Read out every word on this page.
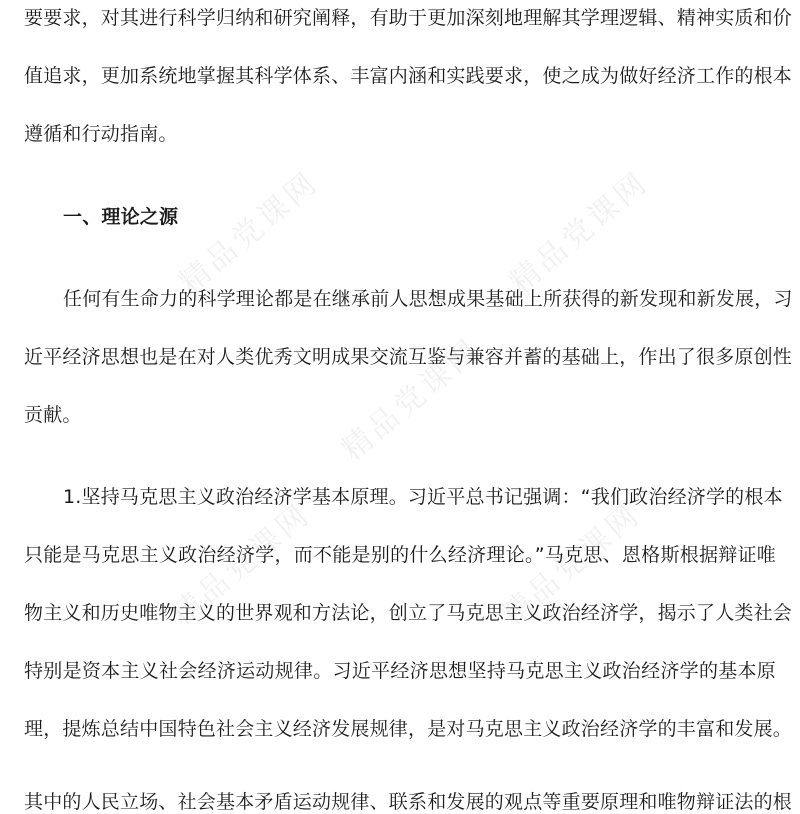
精品党课网	精品党课网
精品党课网
精品党课网	精品党课网
要要求，对其进行科学归纳和研究阐释，有助于更加深刻地理解其学理逻辑、精神实质和价
值追求，更加系统地掌握其科学体系、丰富内涵和实践要求，使之成为做好经济工作的根本
遵循和行动指南。
一、理论之源
任何有生命力的科学理论都是在继承前人思想成果基础上所获得的新发现和新发展，习
近平经济思想也是在对人类优秀文明成果交流互鉴与兼容并蓄的基础上，作出了很多原创性
贡献。
1.坚持马克思主义政治经济学基本原理。习近平总书记强调：“我们政治经济学的根本
只能是马克思主义政治经济学，而不能是别的什么经济理论。”马克思、恩格斯根据辩证唯
物主义和历史唯物主义的世界观和方法论，创立了马克思主义政治经济学，揭示了人类社会
特别是资本主义社会经济运动规律。习近平经济思想坚持马克思主义政治经济学的基本原
理，提炼总结中国特色社会主义经济发展规律，是对马克思主义政治经济学的丰富和发展。
其中的人民立场、社会基本矛盾运动规律、联系和发展的观点等重要原理和唯物辩证法的根
